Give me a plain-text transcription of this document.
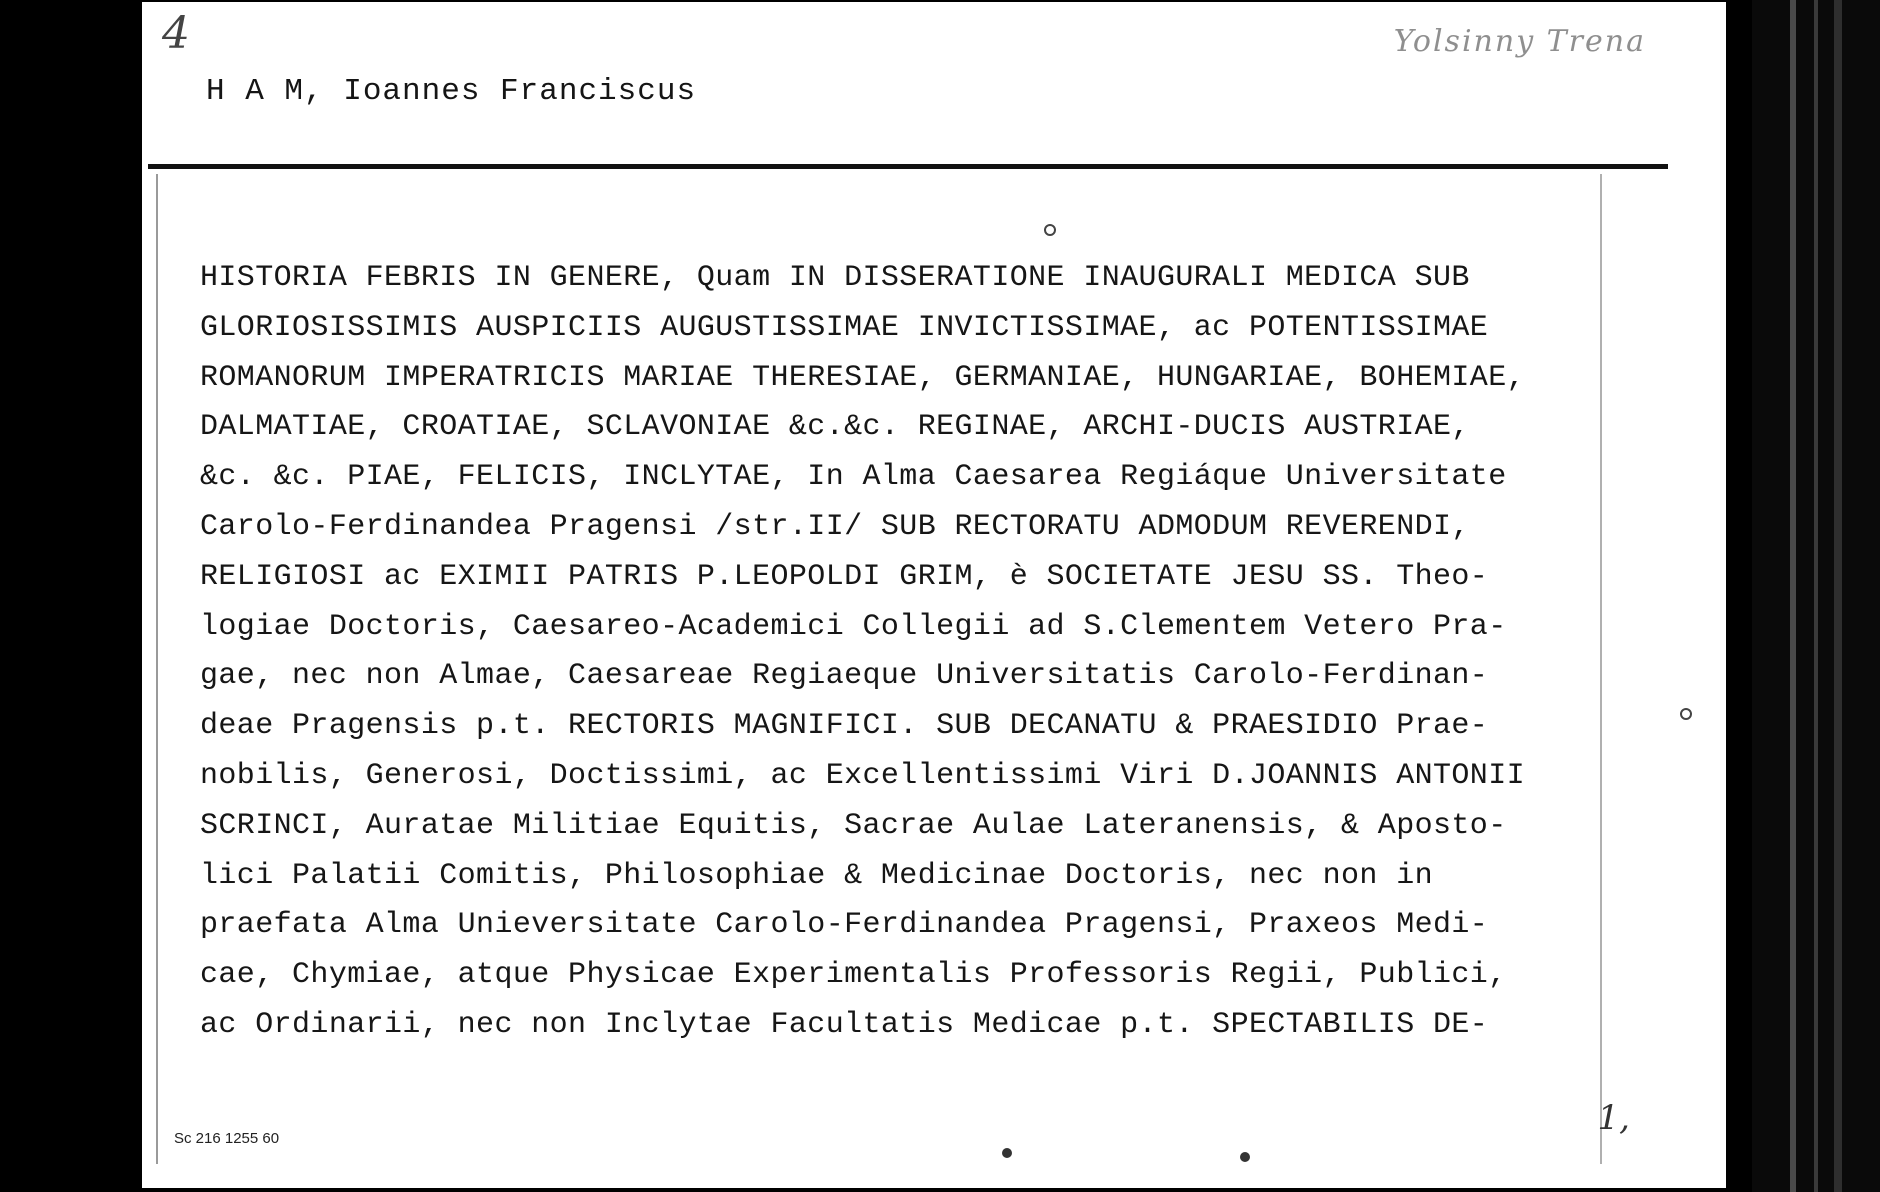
4	Yolsinny Trena
H A M, Ioannes Franciscus
HISTORIA FEBRIS IN GENERE, Quam IN DISSERATIONE INAUGURALI MEDICA SUB
GLORIOSISSIMIS AUSPICIIS AUGUSTISSIMAE INVICTISSIMAE, ac POTENTISSIMAE
ROMANORUM IMPERATRICIS MARIAE THERESIAE, GERMANIAE, HUNGARIAE, BOHEMIAE,
DALMATIAE, CROATIAE, SCLAVONIAE &c.&c. REGINAE, ARCHI-DUCIS AUSTRIAE,
&c. &c. PIAE, FELICIS, INCLYTAE, In Alma Caesarea Regiáque Universitate
Carolo-Ferdinandea Pragensi /str.II/ SUB RECTORATU ADMODUM REVERENDI,
RELIGIOSI ac EXIMII PATRIS P.LEOPOLDI GRIM, è SOCIETATE JESU SS. Theo-
logiae Doctoris, Caesareo-Academici Collegii ad S.Clementem Vetero Pra-
gae, nec non Almae, Caesareae Regiaeque Universitatis Carolo-Ferdinan-
deae Pragensis p.t. RECTORIS MAGNIFICI. SUB DECANATU & PRAESIDIO Prae-
nobilis, Generosi, Doctissimi, ac Excellentissimi Viri D.JOANNIS ANTONII
SCRINCI, Auratae Militiae Equitis, Sacrae Aulae Lateranensis, & Aposto-
lici Palatii Comitis, Philosophiae & Medicinae Doctoris, nec non in
praefata Alma Unieversitate Carolo-Ferdinandea Pragensi, Praxeos Medi-
cae, Chymiae, atque Physicae Experimentalis Professoris Regii, Publici,
ac Ordinarii, nec non Inclytae Facultatis Medicae p.t. SPECTABILIS DE-
Sc 216 1255 60
1,
